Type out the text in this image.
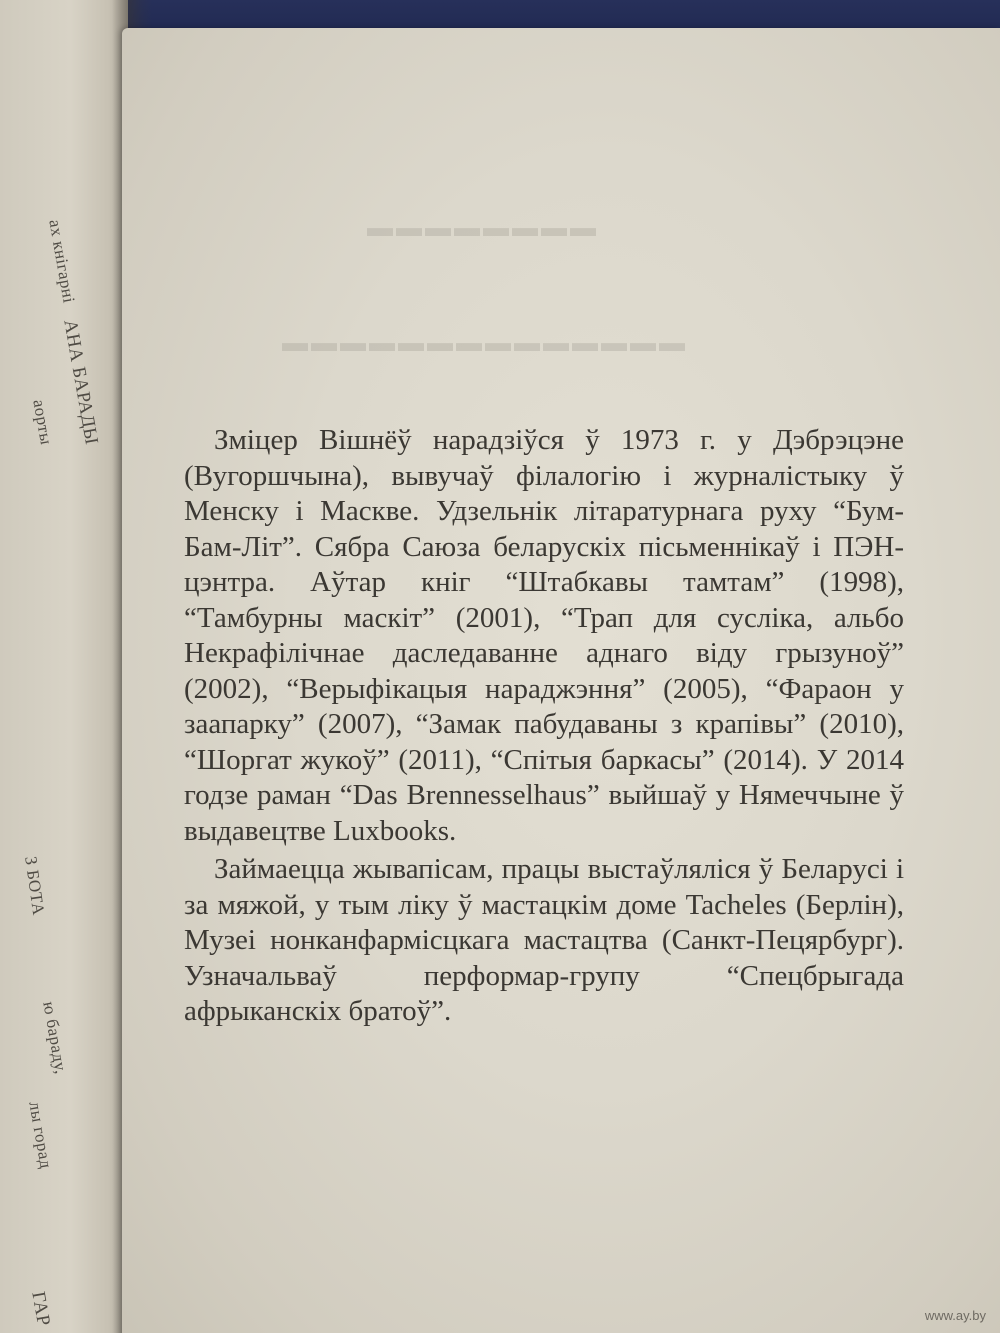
ах кнігарні
АНА БАРАДЫ
аорты
З БОТА
ю бараду,
лы горад
ГАР
▬▬▬▬▬▬▬▬
▬▬▬▬▬▬▬▬▬▬▬▬▬▬

Зміцер Вішнёў нарадзіўся ў 1973 г. у Дэбрэцэне (Вугоршчына), вывучаў філалогію і журналістыку ў Менску і Маскве. Удзельнік літаратурнага руху “Бум-Бам-Літ”. Сябра Саюза беларускіх пісьменнікаў і ПЭН-цэнтра. Аўтар кніг “Штабкавы тамтам” (1998), “Тамбурны маскіт” (2001), “Трап для сусліка, альбо Некрафілічнае даследаванне аднаго віду грызуноў” (2002), “Верыфікацыя нараджэння” (2005), “Фараон у заапарку” (2007), “Замак пабудаваны з крапівы” (2010), “Шоргат жукоў” (2011), “Спітыя баркасы” (2014). У 2014 годзе раман “Das Brennesselhaus” выйшаў у Нямеччыне ў выдавецтве Luxbooks.

Займаецца жывапісам, працы выстаўляліся ў Беларусі і за мяжой, у тым ліку ў мастацкім доме Tacheles (Берлін), Музеі нонканфармісцкага мастацтва (Санкт-Пецярбург). Узначальваў перформар-групу “Спецбрыгада афрыканскіх братоў”.

www.ay.by
